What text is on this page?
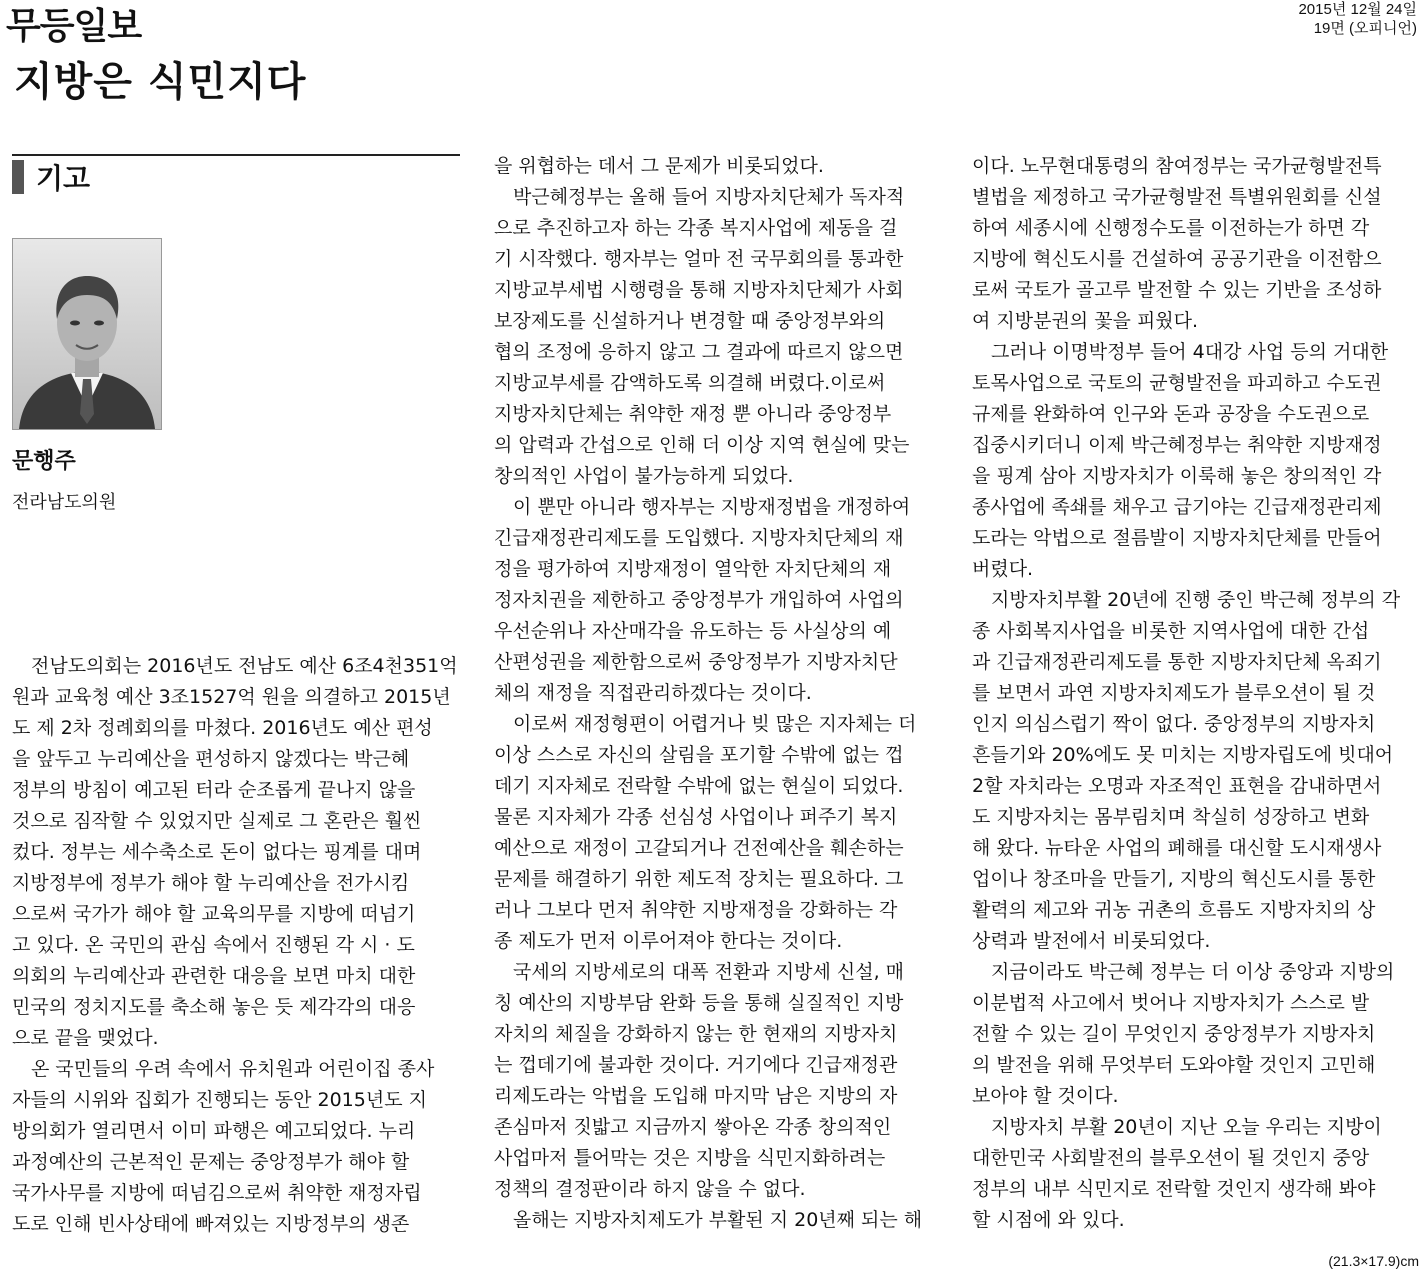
무등일보	2015년 12월 24일
19면 (오피니언)
지방은 식민지다
기고
문행주
전라남도의원

전남도의회는 2016년도 전남도 예산 6조4천351억
원과 교육청 예산 3조1527억 원을 의결하고 2015년
도 제 2차 정례회의를 마쳤다. 2016년도 예산 편성
을 앞두고 누리예산을 편성하지 않겠다는 박근혜
정부의 방침이 예고된 터라 순조롭게 끝나지 않을
것으로 짐작할 수 있었지만 실제로 그 혼란은 훨씬
컸다. 정부는 세수축소로 돈이 없다는 핑계를 대며
지방정부에 정부가 해야 할 누리예산을 전가시킴
으로써 국가가 해야 할 교육의무를 지방에 떠넘기
고 있다. 온 국민의 관심 속에서 진행된 각 시 · 도
의회의 누리예산과 관련한 대응을 보면 마치 대한
민국의 정치지도를 축소해 놓은 듯 제각각의 대응
으로 끝을 맺었다.

온 국민들의 우려 속에서 유치원과 어린이집 종사
자들의 시위와 집회가 진행되는 동안 2015년도 지
방의회가 열리면서 이미 파행은 예고되었다. 누리
과정예산의 근본적인 문제는 중앙정부가 해야 할
국가사무를 지방에 떠넘김으로써 취약한 재정자립
도로 인해 빈사상태에 빠져있는 지방정부의 생존

을 위협하는 데서 그 문제가 비롯되었다.

박근혜정부는 올해 들어 지방자치단체가 독자적
으로 추진하고자 하는 각종 복지사업에 제동을 걸
기 시작했다. 행자부는 얼마 전 국무회의를 통과한
지방교부세법 시행령을 통해 지방자치단체가 사회
보장제도를 신설하거나 변경할 때 중앙정부와의
협의 조정에 응하지 않고 그 결과에 따르지 않으면
지방교부세를 감액하도록 의결해 버렸다.이로써
지방자치단체는 취약한 재정 뿐 아니라 중앙정부
의 압력과 간섭으로 인해 더 이상 지역 현실에 맞는
창의적인 사업이 불가능하게 되었다.

이 뿐만 아니라 행자부는 지방재정법을 개정하여
긴급재정관리제도를 도입했다. 지방자치단체의 재
정을 평가하여 지방재정이 열악한 자치단체의 재
정자치권을 제한하고 중앙정부가 개입하여 사업의
우선순위나 자산매각을 유도하는 등 사실상의 예
산편성권을 제한함으로써 중앙정부가 지방자치단
체의 재정을 직접관리하겠다는 것이다.

이로써 재정형편이 어렵거나 빚 많은 지자체는 더
이상 스스로 자신의 살림을 포기할 수밖에 없는 껍
데기 지자체로 전락할 수밖에 없는 현실이 되었다.
물론 지자체가 각종 선심성 사업이나 퍼주기 복지
예산으로 재정이 고갈되거나 건전예산을 훼손하는
문제를 해결하기 위한 제도적 장치는 필요하다. 그
러나 그보다 먼저 취약한 지방재정을 강화하는 각
종 제도가 먼저 이루어져야 한다는 것이다.

국세의 지방세로의 대폭 전환과 지방세 신설, 매
칭 예산의 지방부담 완화 등을 통해 실질적인 지방
자치의 체질을 강화하지 않는 한 현재의 지방자치
는 껍데기에 불과한 것이다. 거기에다 긴급재정관
리제도라는 악법을 도입해 마지막 남은 지방의 자
존심마저 짓밟고 지금까지 쌓아온 각종 창의적인
사업마저 틀어막는 것은 지방을 식민지화하려는
정책의 결정판이라 하지 않을 수 없다.

올해는 지방자치제도가 부활된 지 20년째 되는 해

이다. 노무현대통령의 참여정부는 국가균형발전특
별법을 제정하고 국가균형발전 특별위원회를 신설
하여 세종시에 신행정수도를 이전하는가 하면 각
지방에 혁신도시를 건설하여 공공기관을 이전함으
로써 국토가 골고루 발전할 수 있는 기반을 조성하
여 지방분권의 꽃을 피웠다.

그러나 이명박정부 들어 4대강 사업 등의 거대한
토목사업으로 국토의 균형발전을 파괴하고 수도권
규제를 완화하여 인구와 돈과 공장을 수도권으로
집중시키더니 이제 박근혜정부는 취약한 지방재정
을 핑계 삼아 지방자치가 이룩해 놓은 창의적인 각
종사업에 족쇄를 채우고 급기야는 긴급재정관리제
도라는 악법으로 절름발이 지방자치단체를 만들어
버렸다.

지방자치부활 20년에 진행 중인 박근혜 정부의 각
종 사회복지사업을 비롯한 지역사업에 대한 간섭
과 긴급재정관리제도를 통한 지방자치단체 옥죄기
를 보면서 과연 지방자치제도가 블루오션이 될 것
인지 의심스럽기 짝이 없다. 중앙정부의 지방자치
흔들기와 20%에도 못 미치는 지방자립도에 빗대어
2할 자치라는 오명과 자조적인 표현을 감내하면서
도 지방자치는 몸부림치며 착실히 성장하고 변화
해 왔다. 뉴타운 사업의 폐해를 대신할 도시재생사
업이나 창조마을 만들기, 지방의 혁신도시를 통한
활력의 제고와 귀농 귀촌의 흐름도 지방자치의 상
상력과 발전에서 비롯되었다.

지금이라도 박근혜 정부는 더 이상 중앙과 지방의
이분법적 사고에서 벗어나 지방자치가 스스로 발
전할 수 있는 길이 무엇인지 중앙정부가 지방자치
의 발전을 위해 무엇부터 도와야할 것인지 고민해
보아야 할 것이다.

지방자치 부활 20년이 지난 오늘 우리는 지방이
대한민국 사회발전의 블루오션이 될 것인지 중앙
정부의 내부 식민지로 전락할 것인지 생각해 봐야
할 시점에 와 있다.

(21.3×17.9)cm
